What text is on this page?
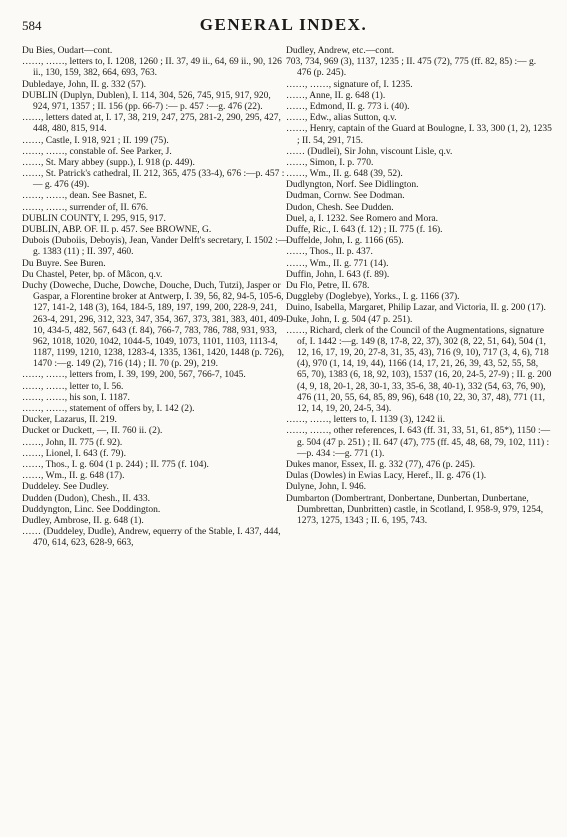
584	GENERAL INDEX.

Du Bies, Oudart—cont.

……, ……, letters to, I. 1208, 1260 ; II. 37, 49 ii., 64, 69 ii., 90, 126 ii., 130, 159, 382, 664, 693, 763.

Dubledaye, John, II. g. 332 (57).

DUBLIN (Duplyn, Dublen), I. 114, 304, 526, 745, 915, 917, 920, 924, 971, 1357 ; II. 156 (pp. 66-7) :— p. 457 :—g. 476 (22).

……, letters dated at, I. 17, 38, 219, 247, 275, 281-2, 290, 295, 427, 448, 480, 815, 914.

……, Castle, I. 918, 921 ; II. 199 (75).

……, ……, constable of. See Parker, J.

……, St. Mary abbey (supp.), I. 918 (p. 449).

……, St. Patrick's cathedral, II. 212, 365, 475 (33-4), 676 :—p. 457 :— g. 476 (49).

……, ……, dean. See Basnet, E.

……, ……, surrender of, II. 676.

DUBLIN COUNTY, I. 295, 915, 917.

DUBLIN, ABP. OF. II. p. 457. See BROWNE, G.

Dubois (Duboiis, Deboyis), Jean, Vander Delft's secretary, I. 1502 :— g. 1383 (11) ; II. 397, 460.

Du Buyre. See Buren.

Du Chastel, Peter, bp. of Mâcon, q.v.

Duchy (Doweche, Duche, Dowche, Douche, Duch, Tutzi), Jasper or Gaspar, a Florentine broker at Antwerp, I. 39, 56, 82, 94-5, 105-6, 127, 141-2, 148 (3), 164, 184-5, 189, 197, 199, 200, 228-9, 241, 263-4, 291, 296, 312, 323, 347, 354, 367, 373, 381, 383, 401, 409-10, 434-5, 482, 567, 643 (f. 84), 766-7, 783, 786, 788, 931, 933, 962, 1018, 1020, 1042, 1044-5, 1049, 1073, 1101, 1103, 1113-4, 1187, 1199, 1210, 1238, 1283-4, 1335, 1361, 1420, 1448 (p. 726), 1470 :—g. 149 (2), 716 (14) ; II. 70 (p. 29), 219.

……, ……, letters from, I. 39, 199, 200, 567, 766-7, 1045.

……, ……, letter to, I. 56.

……, ……, his son, I. 1187.

……, ……, statement of offers by, I. 142 (2).

Ducker, Lazarus, II. 219.

Ducket or Duckett, —, II. 760 ii. (2).

……, John, II. 775 (f. 92).

……, Lionel, I. 643 (f. 79).

……, Thos., I. g. 604 (1 p. 244) ; II. 775 (f. 104).

……, Wm., II. g. 648 (17).

Duddeley. See Dudley.

Dudden (Dudon), Chesh., II. 433.

Duddyngton, Linc. See Doddington.

Dudley, Ambrose, II. g. 648 (1).

…… (Duddeley, Dudle), Andrew, equerry of the Stable, I. 437, 444, 470, 614, 623, 628-9, 663,

Dudley, Andrew, etc.—cont.

703, 734, 969 (3), 1137, 1235 ; II. 475 (72), 775 (ff. 82, 85) :— g. 476 (p. 245).

……, ……, signature of, I. 1235.

……, Anne, II. g. 648 (1).

……, Edmond, II. g. 773 i. (40).

……, Edw., alias Sutton, q.v.

……, Henry, captain of the Guard at Boulogne, I. 33, 300 (1, 2), 1235 ; II. 54, 291, 715.

…… (Dudlei), Sir John, viscount Lisle, q.v.

……, Simon, I. p. 770.

……, Wm., II. g. 648 (39, 52).

Dudlyngton, Norf. See Didlington.

Dudman, Cornw. See Dodman.

Dudon, Chesh. See Dudden.

Duel, a, I. 1232. See Romero and Mora.

Duffe, Ric., I. 643 (f. 12) ; II. 775 (f. 16).

Duffelde, John, I. g. 1166 (65).

……, Thos., II. p. 437.

……, Wm., II. g. 771 (14).

Duffin, John, I. 643 (f. 89).

Du Flo, Petre, II. 678.

Duggleby (Doglebye), Yorks., I. g. 1166 (37).

Duino, Isabella, Margaret, Philip Lazar, and Victoria, II. g. 200 (17).

Duke, John, I. g. 504 (47 p. 251).

……, Richard, clerk of the Council of the Augmentations, signature of, I. 1442 :—g. 149 (8, 17-8, 22, 37), 302 (8, 22, 51, 64), 504 (1, 12, 16, 17, 19, 20, 27-8, 31, 35, 43), 716 (9, 10), 717 (3, 4, 6), 718 (4), 970 (1, 14, 19, 44), 1166 (14, 17, 21, 26, 39, 43, 52, 55, 58, 65, 70), 1383 (6, 18, 92, 103), 1537 (16, 20, 24-5, 27-9) ; II. g. 200 (4, 9, 18, 20-1, 28, 30-1, 33, 35-6, 38, 40-1), 332 (54, 63, 76, 90), 476 (11, 20, 55, 64, 85, 89, 96), 648 (10, 22, 30, 37, 48), 771 (11, 12, 14, 19, 20, 24-5, 34).

……, ……, letters to, I. 1139 (3), 1242 ii.

……, ……, other references, I. 643 (ff. 31, 33, 51, 61, 85*), 1150 :— g. 504 (47 p. 251) ; II. 647 (47), 775 (ff. 45, 48, 68, 79, 102, 111) :—p. 434 :—g. 771 (1).

Dukes manor, Essex, II. g. 332 (77), 476 (p. 245).

Dulas (Dowles) in Ewias Lacy, Heref., II. g. 476 (1).

Dulyne, John, I. 946.

Dumbarton (Dombertrant, Donbertane, Dunbertan, Dunbertane, Dumbrettan, Dunbritten) castle, in Scotland, I. 958-9, 979, 1254, 1273, 1275, 1343 ; II. 6, 195, 743.
